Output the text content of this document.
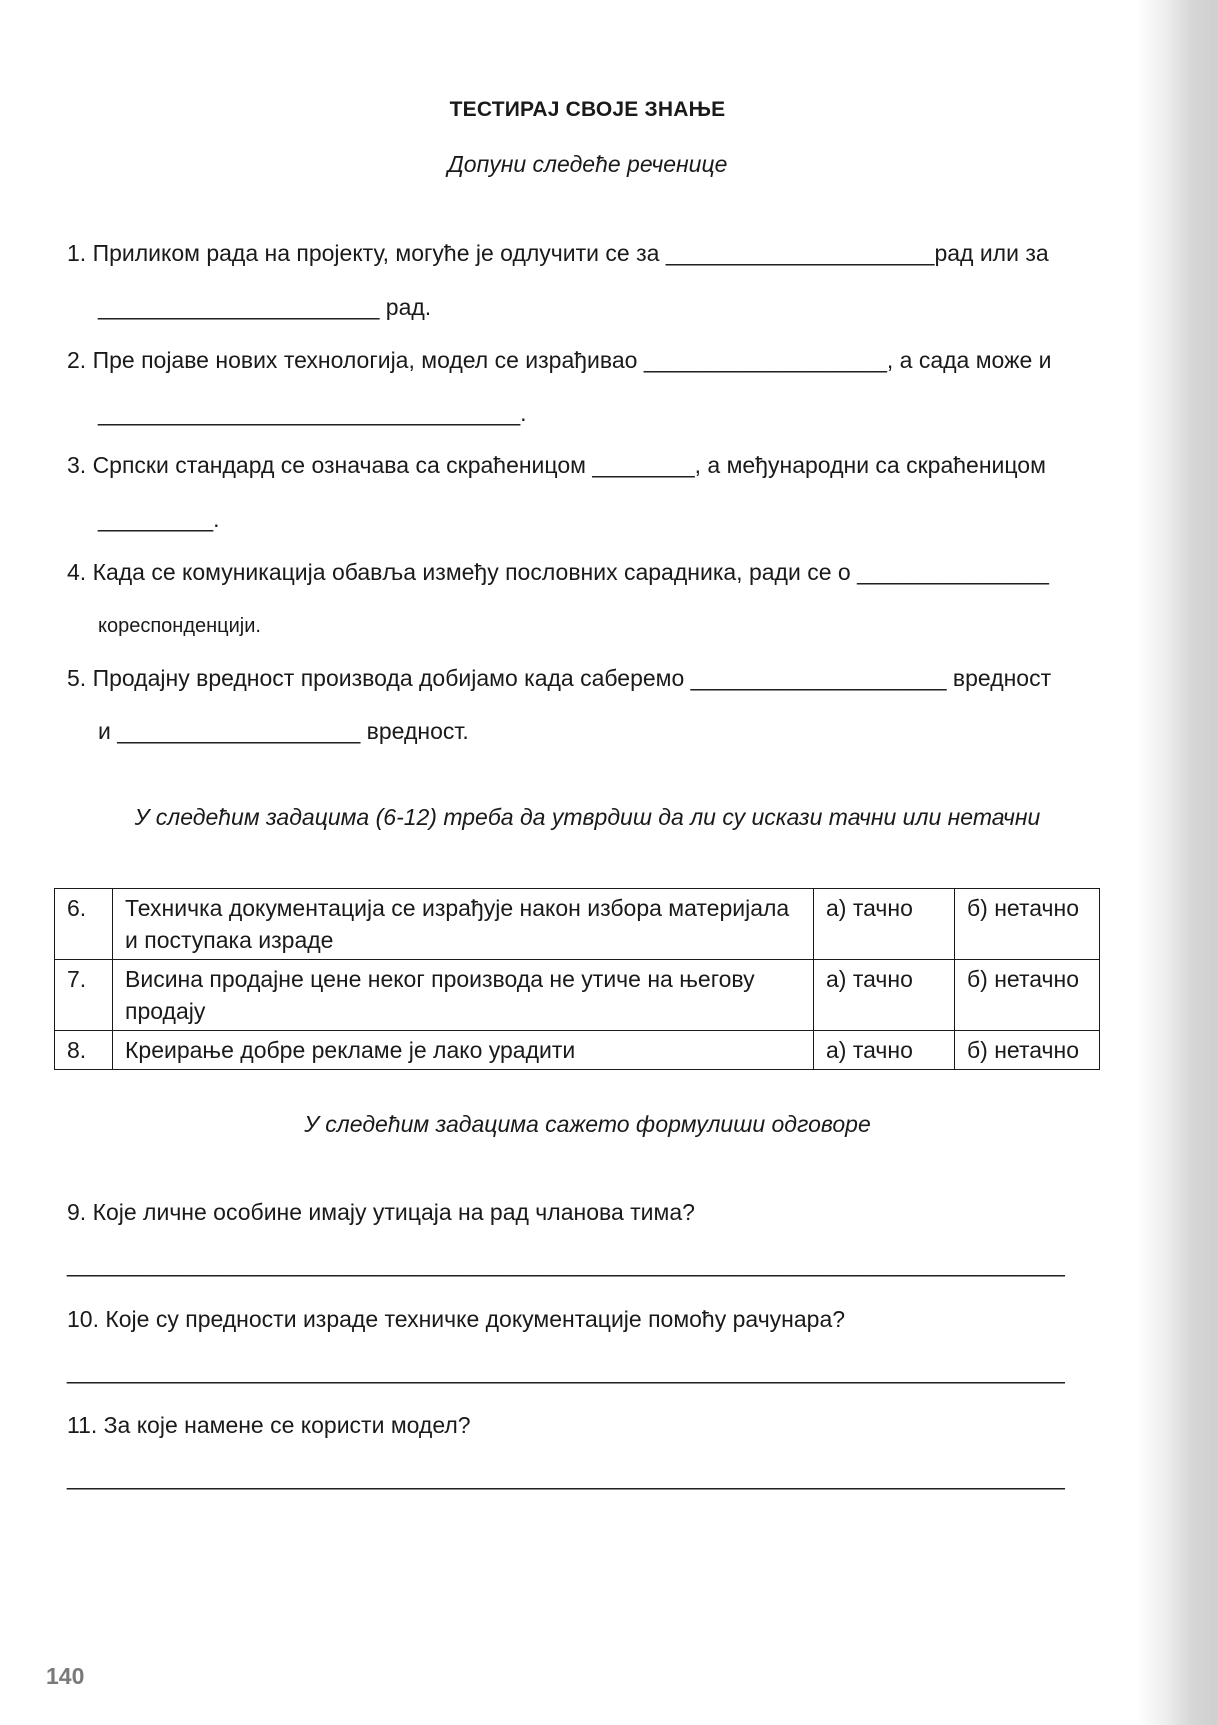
ТЕСТИРАЈ СВОЈЕ ЗНАЊЕ
Допуни следеће реченице
1. Приликом рада на пројекту, могуће је одлучити се за _____________________рад или за
______________________ рад.
2. Пре појаве нових технологија, модел се израђивао ___________________, а сада може и
_________________________________.
3. Српски стандард се означава са скраћеницом ________, а међународни са скраћеницом
_________.
4. Када се комуникација обавља између пословних сарадника, ради се о _______________
кореспонденцији.
5. Продајну вредност производа добијамо када саберемо ____________________ вредност
и ___________________ вредност.
У следећим задацима (6-12) треба да утврдиш да ли су искази тачни или нетачни
6.	Техничка документација се израђује након избора материјала и поступака израде	а) тачно	б) нетачно
7.	Висина продајне цене неког производа не утиче на његову продају	а) тачно	б) нетачно
8.	Креирање добре рекламе је лако урадити	а) тачно	б) нетачно
У следећим задацима сажето формулиши одговоре
9. Које личне особине имају утицаја на рад чланова тима?
______________________________________________________________________________
10. Које су предности израде техничке документације помоћу рачунара?
______________________________________________________________________________
11. За које намене се користи модел?
______________________________________________________________________________
140
